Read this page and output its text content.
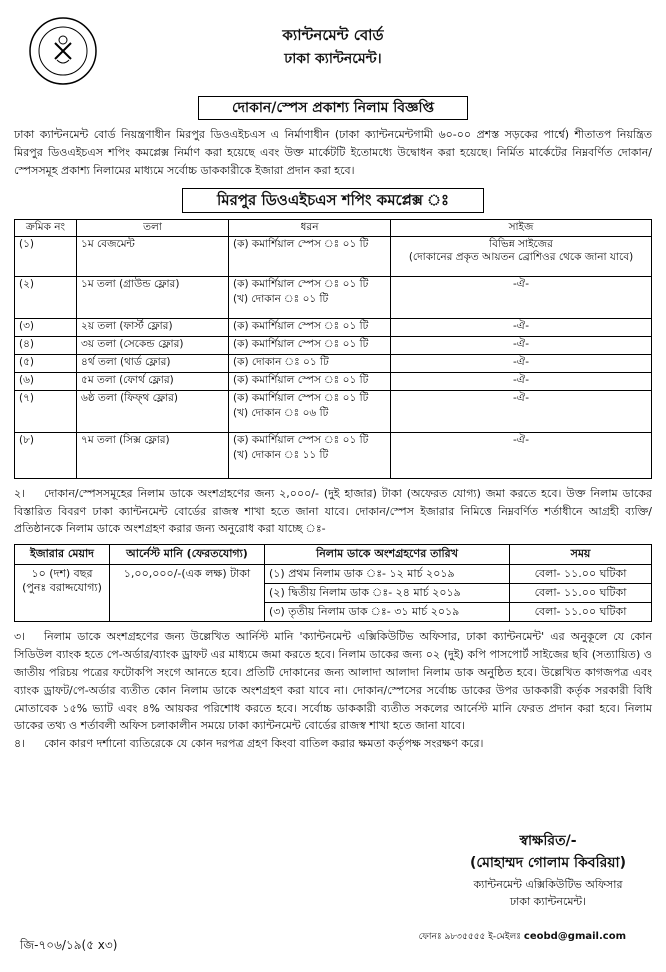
ক্যান্টনমেন্ট বোর্ড
ঢাকা ক্যান্টনমেন্ট।
দোকান/স্পেস প্রকাশ্য নিলাম বিজ্ঞপ্তি

ঢাকা ক্যান্টনমেন্ট বোর্ড নিয়ন্ত্রণাধীন মিরপুর ডিওএইচএস এ নির্মাণাধীন (ঢাকা ক্যান্টনমেন্টগামী ৬০-০০ প্রশস্ত সড়কের পার্শ্বে) শীতাতপ নিয়ন্ত্রিত মিরপুর ডিওএইচএস শপিং কমপ্লেক্স নির্মাণ করা হয়েছে এবং উক্ত মার্কেটটি ইতোমধ্যে উদ্বোধন করা হয়েছে। নির্মিত মার্কেটের নিম্নবর্ণিত দোকান/স্পেসসমূহ প্রকাশ্য নিলামের মাধ্যমে সর্বোচ্চ ডাককারীকে ইজারা প্রদান করা হবে।

মিরপুর ডিওএইচএস শপিং কমপ্লেক্স ঃ
ক্রমিক নং	তলা	ধরন	সাইজ
(১)	১ম বেজমেন্ট	(ক) কমার্শিয়াল স্পেস ঃ ০১ টি	বিভিন্ন সাইজের
(দোকানের প্রকৃত আয়তন ব্রোশিওর থেকে জানা যাবে)

(২)	১ম তলা (গ্রাউন্ড ফ্লোর)	(ক) কমার্শিয়াল স্পেস ঃ ০১ টি
(খ) দোকান ঃ ০১ টি	-ঐ-
(৩)	২য় তলা (ফার্স্ট ফ্লোর)	(ক) কমার্শিয়াল স্পেস ঃ ০১ টি	-ঐ-
(৪)	৩য় তলা (সেকেন্ড ফ্লোর)	(ক) কমার্শিয়াল স্পেস ঃ ০১ টি	-ঐ-
(৫)	৪র্থ তলা (থার্ড ফ্লোর)	(ক) দোকান ঃ ০১ টি	-ঐ-
(৬)	৫ম তলা (ফোর্থ ফ্লোর)	(ক) কমার্শিয়াল স্পেস ঃ ০১ টি	-ঐ-
(৭)	৬ষ্ঠ তলা (ফিফ্থ ফ্লোর)	(ক) কমার্শিয়াল স্পেস ঃ ০১ টি
(খ) দোকান ঃ ০৬ টি	-ঐ-
(৮)	৭ম তলা (সিক্স ফ্লোর)	(ক) কমার্শিয়াল স্পেস ঃ ০১ টি
(খ) দোকান ঃ ১১ টি	-ঐ-

২। দোকান/স্পেসসমূহের নিলাম ডাকে অংশগ্রহণের জন্য ২,০০০/- (দুই হাজার) টাকা (অফেরত যোগ্য) জমা করতে হবে। উক্ত নিলাম ডাকের বিস্তারিত বিবরণ ঢাকা ক্যান্টনমেন্ট বোর্ডের রাজস্ব শাখা হতে জানা যাবে। দোকান/স্পেস ইজারার নিমিত্তে নিম্নবর্ণিত শর্তাধীনে আগ্রহী ব্যক্তি/প্রতিষ্ঠানকে নিলাম ডাকে অংশগ্রহণ করার জন্য অনুরোধ করা যাচ্ছে ঃ-

ইজারার মেয়াদ	আর্নেস্ট মানি (ফেরতযোগ্য)	নিলাম ডাকে অংশগ্রহণের তারিখ	সময়

১০ (দশ) বছর
(পুনঃ বরাদ্দযোগ্য)	১,০০,০০০/-(এক লক্ষ) টাকা	(১) প্রথম নিলাম ডাক ঃ- ১২ মার্চ ২০১৯	বেলা- ১১.০০ ঘটিকা
		(২) দ্বিতীয় নিলাম ডাক ঃ- ২৪ মার্চ ২০১৯	বেলা- ১১.০০ ঘটিকা
		(৩) তৃতীয় নিলাম ডাক ঃ- ৩১ মার্চ ২০১৯	বেলা- ১১.০০ ঘটিকা

৩। নিলাম ডাকে অংশগ্রহণের জন্য উল্লেখিত আর্নিস্ট মানি 'ক্যান্টনমেন্ট এক্সিকিউটিভ অফিসার, ঢাকা ক্যান্টনমেন্ট' এর অনুকূলে যে কোন সিডিউল ব্যাংক হতে পে-অর্ডার/ব্যাংক ড্রাফট এর মাধ্যমে জমা করতে হবে। নিলাম ডাকের জন্য ০২ (দুই) কপি পাসপোর্ট সাইজের ছবি (সত্যায়িত) ও জাতীয় পরিচয় পত্রের ফটোকপি সংগে আনতে হবে। প্রতিটি দোকানের জন্য আলাদা আলাদা নিলাম ডাক অনুষ্ঠিত হবে। উল্লেখিত কাগজপত্র এবং ব্যাংক ড্রাফট/পে-অর্ডার ব্যতীত কোন নিলাম ডাকে অংশগ্রহণ করা যাবে না। দোকান/স্পেসের সর্বোচ্চ ডাকের উপর ডাককারী কর্তৃক সরকারী বিধি মোতাবেক ১৫% ভ্যাট এবং ৪% আয়কর পরিশোধ করতে হবে। সর্বোচ্চ ডাককারী ব্যতীত সকলের আর্নেস্ট মানি ফেরত প্রদান করা হবে। নিলাম ডাকের তথ্য ও শর্তাবলী অফিস চলাকালীন সময়ে ঢাকা ক্যান্টনমেন্ট বোর্ডের রাজস্ব শাখা হতে জানা যাবে।

৪। কোন কারণ দর্শানো ব্যতিরেকে যে কোন দরপত্র গ্রহণ কিংবা বাতিল করার ক্ষমতা কর্তৃপক্ষ সংরক্ষণ করে।

স্বাক্ষরিত/-
(মোহাম্মদ গোলাম কিবরিয়া)
ক্যান্টনমেন্ট এক্সিকিউটিভ অফিসার
ঢাকা ক্যান্টনমেন্ট।
জি-৭০৬/১৯(৫ x৩)
ফোনঃ ৯৮৩৫৫৫৫ ই-মেইলঃ ceobd@gmail.com
